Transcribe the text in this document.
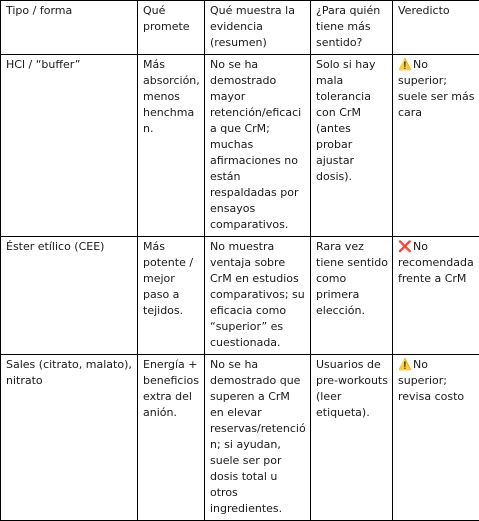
Tipo / forma	Qué promete	Qué muestra la evidencia (resumen)	¿Para quién tiene más sentido?	Veredicto
HCl / “buffer”	Más absorción, menos henchman.	No se ha demostrado mayor retención/eficacia que CrM; muchas afirmaciones no están respaldadas por ensayos comparativos.	Solo si hay mala tolerancia con CrM (antes probar ajustar dosis).	⚠️No superior; suele ser más cara
Éster etílico (CEE)	Más potente / mejor paso a tejidos.	No muestra ventaja sobre CrM en estudios comparativos; su eficacia como “superior” es cuestionada.	Rara vez tiene sentido como primera elección.	❌No recomendada frente a CrM
Sales (citrato, malato), nitrato	Energía + beneficios extra del anión.	No se ha demostrado que superen a CrM en elevar reservas/retención; si ayudan, suele ser por dosis total u otros ingredientes.	Usuarios de pre-workouts (leer etiqueta).	⚠️No superior; revisa costo
